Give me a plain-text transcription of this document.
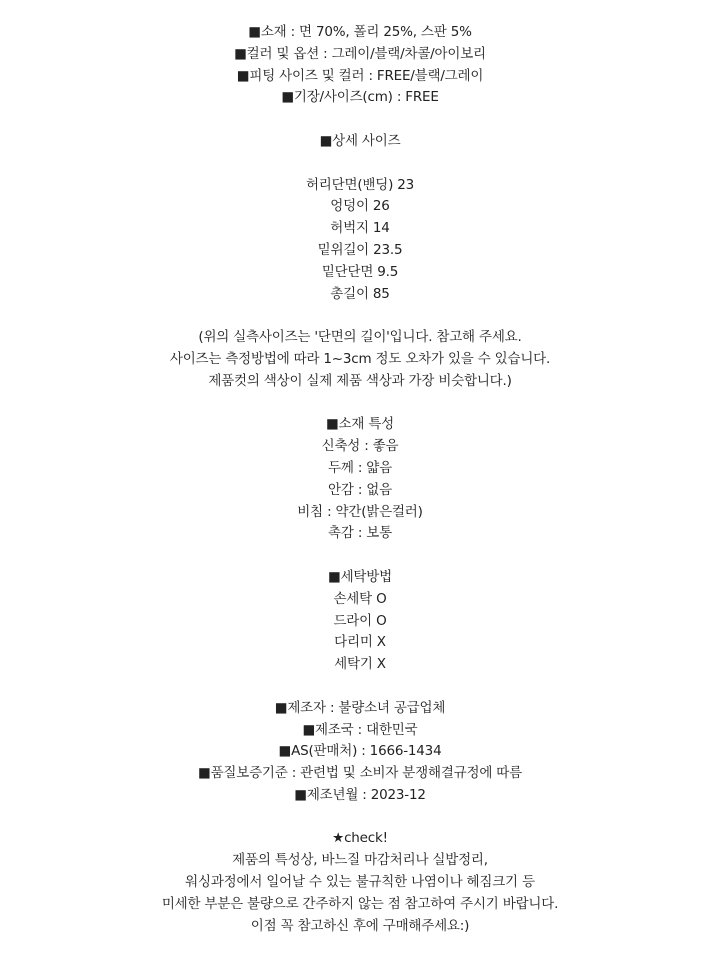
■소재 : 면 70%, 폴리 25%, 스판 5%
■컬러 및 옵션 : 그레이/블랙/차콜/아이보리
■피팅 사이즈 및 컬러 : FREE/블랙/그레이
■기장/사이즈(cm) : FREE
■상세 사이즈
허리단면(밴딩) 23
엉덩이 26
허벅지 14
밑위길이 23.5
밑단단면 9.5
총길이 85
(위의 실측사이즈는 '단면의 길이'입니다. 참고해 주세요.
사이즈는 측정방법에 따라 1~3cm 정도 오차가 있을 수 있습니다.
제품컷의 색상이 실제 제품 색상과 가장 비슷합니다.)
■소재 특성
신축성 : 좋음
두께 : 얇음
안감 : 없음
비침 : 약간(밝은컬러)
촉감 : 보통
■세탁방법
손세탁 O
드라이 O
다리미 X
세탁기 X
■제조자 : 불량소녀 공급업체
■제조국 : 대한민국
■AS(판매처) : 1666-1434
■품질보증기준 : 관련법 및 소비자 분쟁해결규정에 따름
■제조년월 : 2023-12
★check!
제품의 특성상, 바느질 마감처리나 실밥정리,
워싱과정에서 일어날 수 있는 불규칙한 나염이나 헤짐크기 등
미세한 부분은 불량으로 간주하지 않는 점 참고하여 주시기 바랍니다.
이점 꼭 참고하신 후에 구매해주세요:)
